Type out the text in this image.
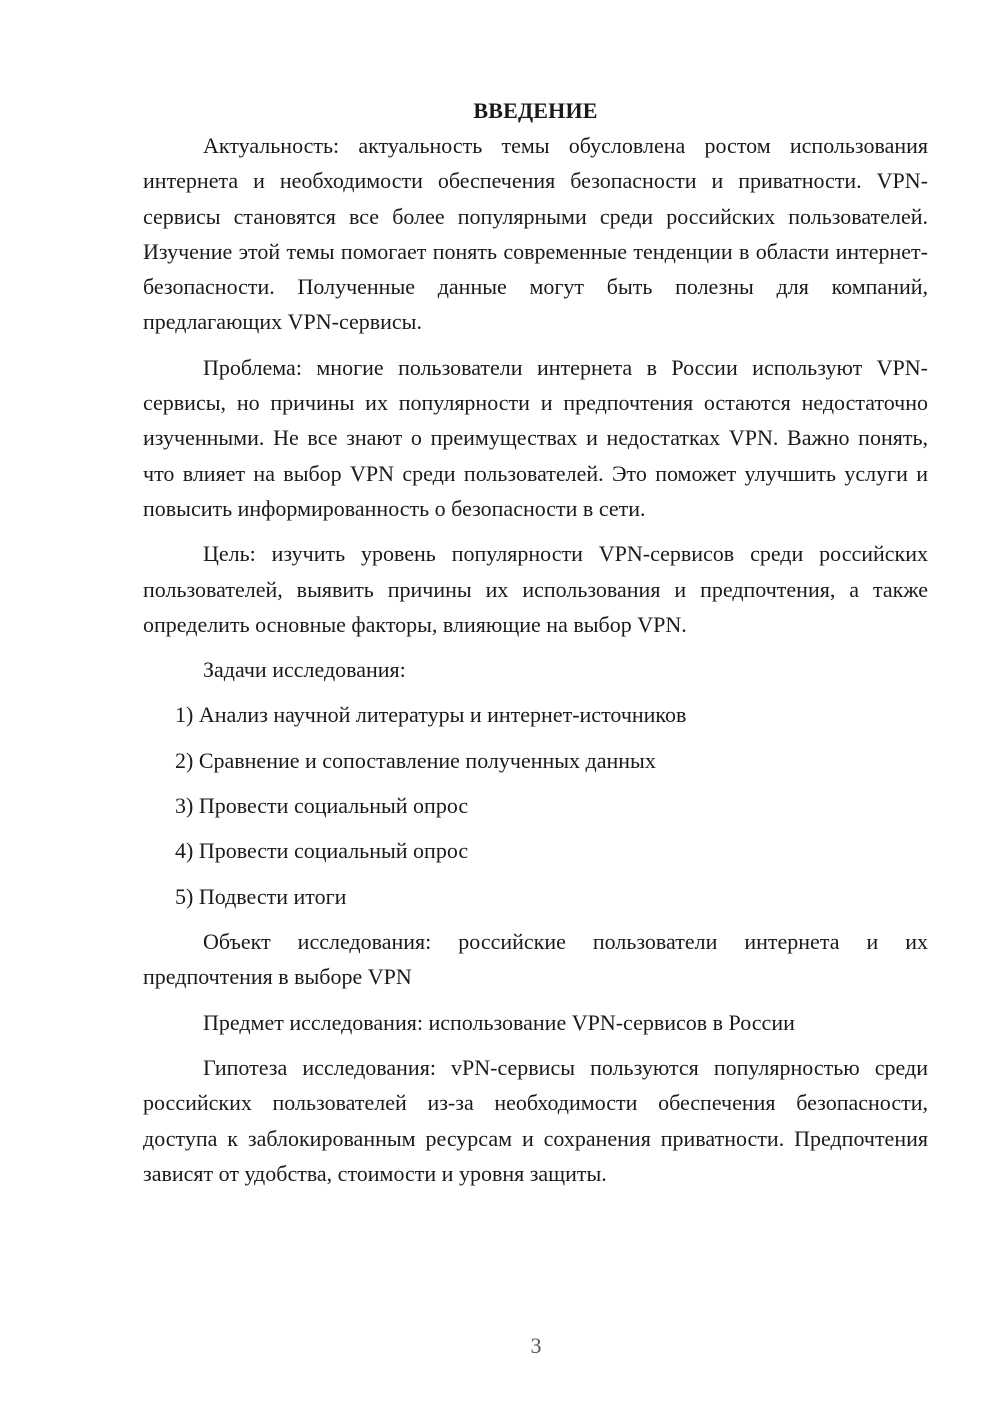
ВВЕДЕНИЕ

Актуальность: актуальность темы обусловлена ростом использования интернета и необходимости обеспечения безопасности и приватности. VPN-сервисы становятся все более популярными среди российских пользователей. Изучение этой темы помогает понять современные тенденции в области интернет-безопасности. Полученные данные могут быть полезны для компаний, предлагающих VPN-сервисы.

Проблема: многие пользователи интернета в России используют VPN-сервисы, но причины их популярности и предпочтения остаются недостаточно изученными. Не все знают о преимуществах и недостатках VPN. Важно понять, что влияет на выбор VPN среди пользователей. Это поможет улучшить услуги и повысить информированность о безопасности в сети.

Цель: изучить уровень популярности VPN-сервисов среди российских пользователей, выявить причины их использования и предпочтения, а также определить основные факторы, влияющие на выбор VPN.

Задачи исследования:

1) Анализ научной литературы и интернет-источников
2) Сравнение и сопоставление полученных данных
3) Провести социальный опрос
4) Провести социальный опрос
5) Подвести итоги

Объект исследования: российские пользователи интернета и их предпочтения в выборе VPN

Предмет исследования: использование VPN-сервисов в России

Гипотеза исследования: vPN-сервисы пользуются популярностью среди российских пользователей из-за необходимости обеспечения безопасности, доступа к заблокированным ресурсам и сохранения приватности. Предпочтения зависят от удобства, стоимости и уровня защиты.

3
